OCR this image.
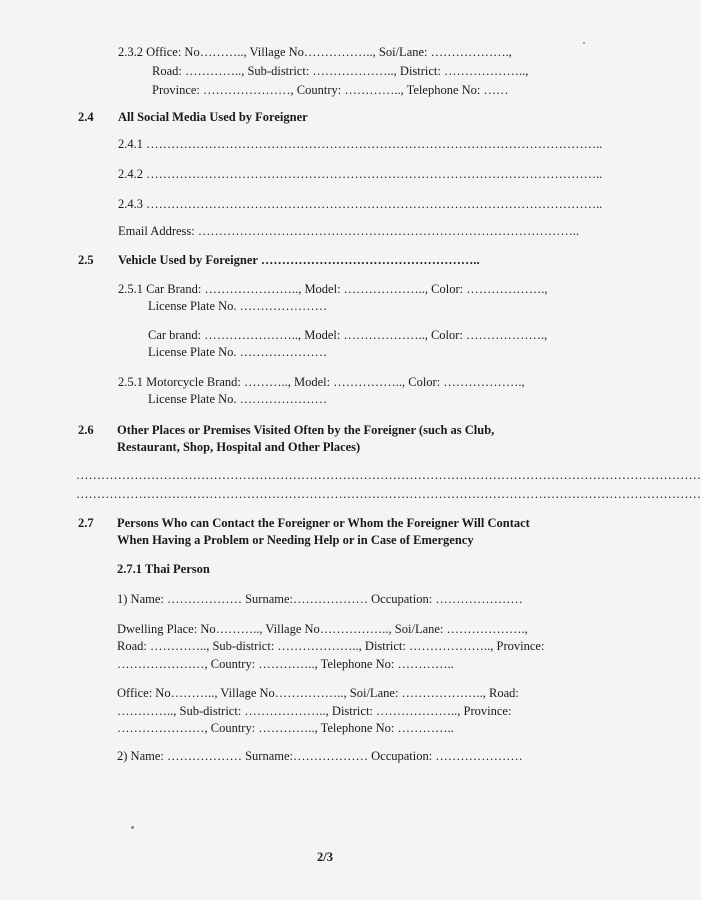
2.3.2 Office: No……….., Village No…………….., Soi/Lane: ……………….,
Road: ………….., Sub-district: ……………….., District: ………………..,
Province: …………………, Country: ………….., Telephone No: ……
2.4 All Social Media Used by Foreigner
2.4.1 ………………………………………………………………………………………………..
2.4.2 ………………………………………………………………………………………………..
2.4.3 ………………………………………………………………………………………………..
Email Address: ………………………………………………………………………………..
2.5 Vehicle Used by Foreigner ……………………………………………..
2.5.1 Car Brand: ………………….., Model: ……………….., Color: ……………….,
License Plate No. …………………
Car brand: ………………….., Model: ……………….., Color: ……………….,
License Plate No. …………………
2.5.1 Motorcycle Brand: ……….., Model: …………….., Color: ……………….,
License Plate No. …………………
2.6 Other Places or Premises Visited Often by the Foreigner (such as Club,
Restaurant, Shop, Hospital and Other Places)
……………………………………………………………………………………………………………………………………
……………………………………………………………………………………………………………………………………
2.7 Persons Who can Contact the Foreigner or Whom the Foreigner Will Contact
When Having a Problem or Needing Help or in Case of Emergency
2.7.1 Thai Person
1) Name: ……………… Surname:……………… Occupation: …………………
Dwelling Place: No……….., Village No…………….., Soi/Lane: ……………….,
Road: ………….., Sub-district: ……………….., District: ……………….., Province:
…………………, Country: ………….., Telephone No: …………..
Office: No……….., Village No…………….., Soi/Lane: ……………….., Road:
………….., Sub-district: ……………….., District: ……………….., Province:
…………………, Country: ………….., Telephone No: …………..
2) Name: ……………… Surname:……………… Occupation: …………………
2/3
